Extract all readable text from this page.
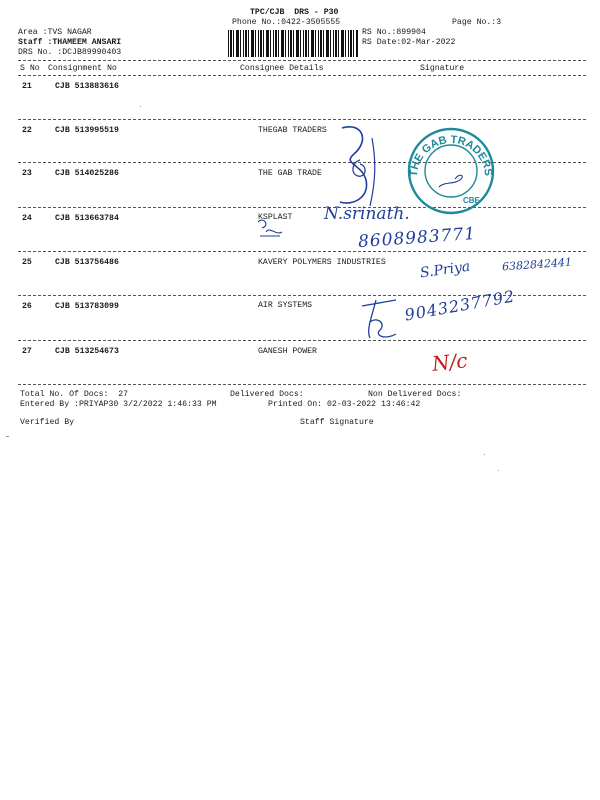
TPC/CJB  DRS - P30
Phone No.:0422-3505555	Page No.:3
Area :TVS NAGAR
Staff :THAMEEM ANSARI
DRS No. :DCJB89990403
RS No.:899904
RS Date:02-Mar-2022
S No Consignment No	Consignee Details	Signature
21	CJB 513883616
22	CJB 513995519	THEGAB TRADERS
23	CJB 514025286	THE GAB TRADE
24	CJB 513663784	KSPLAST
25	CJB 513756486	KAVERY POLYMERS INDUSTRIES
26	CJB 513783099	AIR SYSTEMS
27	CJB 513254673	GANESH POWER
Total No. Of Docs:  27	Delivered Docs:	Non Delivered Docs:
Entered By :PRIYAP30 3/2/2022 1:46:33 PM	Printed On: 02-03-2022 13:46:42
Verified By	Staff Signature
THE GAB TRADERS
CBE
N.srinath.
8608983771
S.Priya	6382842441
9043237792
N/c
